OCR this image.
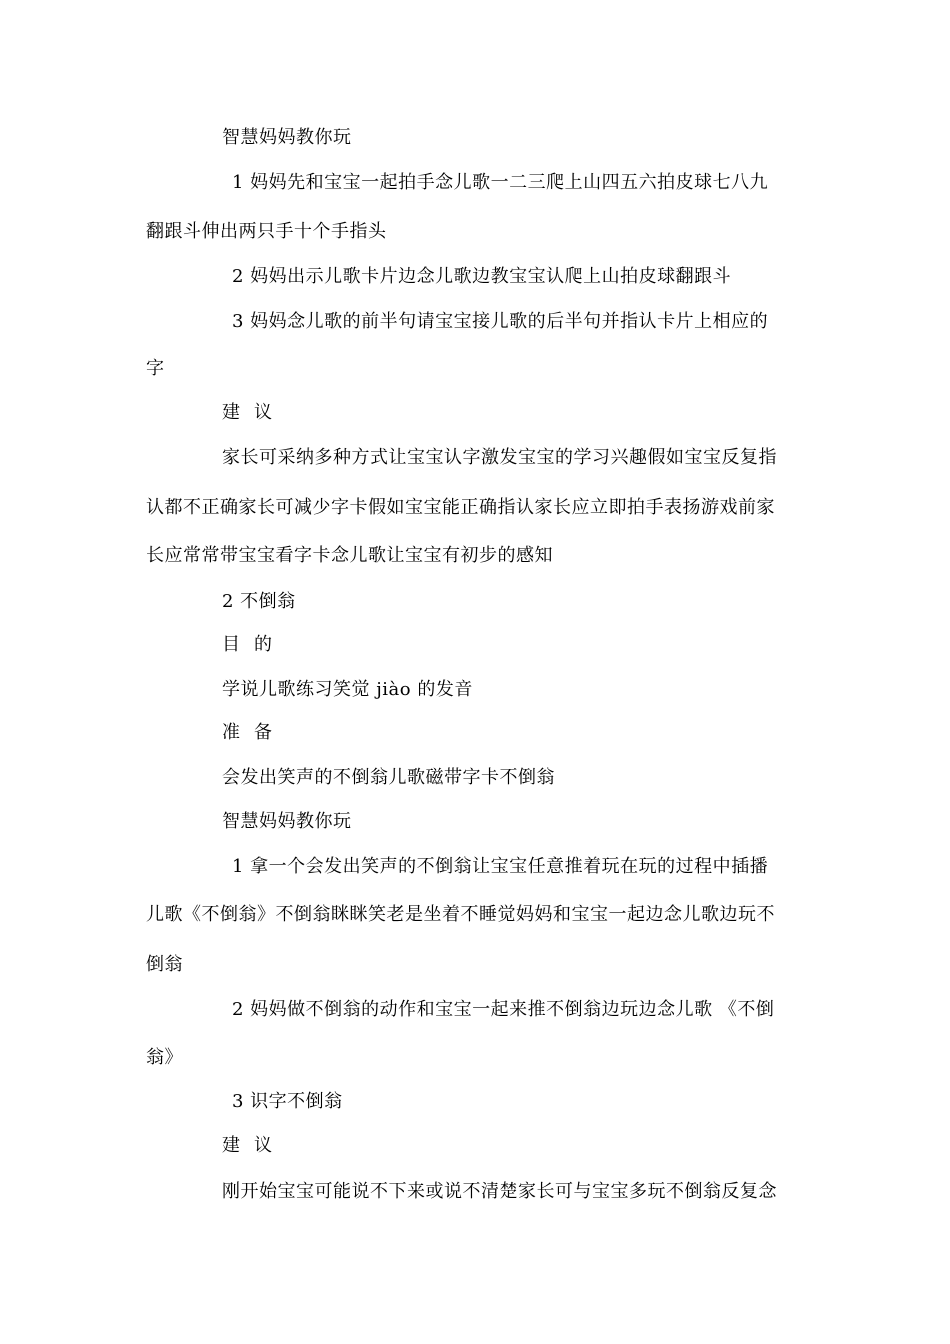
智慧妈妈教你玩
1 妈妈先和宝宝一起拍手念儿歌一二三爬上山四五六拍皮球七八九
翻跟斗伸出两只手十个手指头
2 妈妈出示儿歌卡片边念儿歌边教宝宝认爬上山拍皮球翻跟斗
3 妈妈念儿歌的前半句请宝宝接儿歌的后半句并指认卡片上相应的
字
建议
家长可采纳多种方式让宝宝认字激发宝宝的学习兴趣假如宝宝反复指
认都不正确家长可减少字卡假如宝宝能正确指认家长应立即拍手表扬游戏前家
长应常常带宝宝看字卡念儿歌让宝宝有初步的感知
2 不倒翁
目的
学说儿歌练习笑觉 jiào 的发音
准备
会发出笑声的不倒翁儿歌磁带字卡不倒翁
智慧妈妈教你玩
1 拿一个会发出笑声的不倒翁让宝宝任意推着玩在玩的过程中插播
儿歌《不倒翁》不倒翁眯眯笑老是坐着不睡觉妈妈和宝宝一起边念儿歌边玩不
倒翁
2 妈妈做不倒翁的动作和宝宝一起来推不倒翁边玩边念儿歌 《不倒
翁》
3 识字不倒翁
建议
刚开始宝宝可能说不下来或说不清楚家长可与宝宝多玩不倒翁反复念
